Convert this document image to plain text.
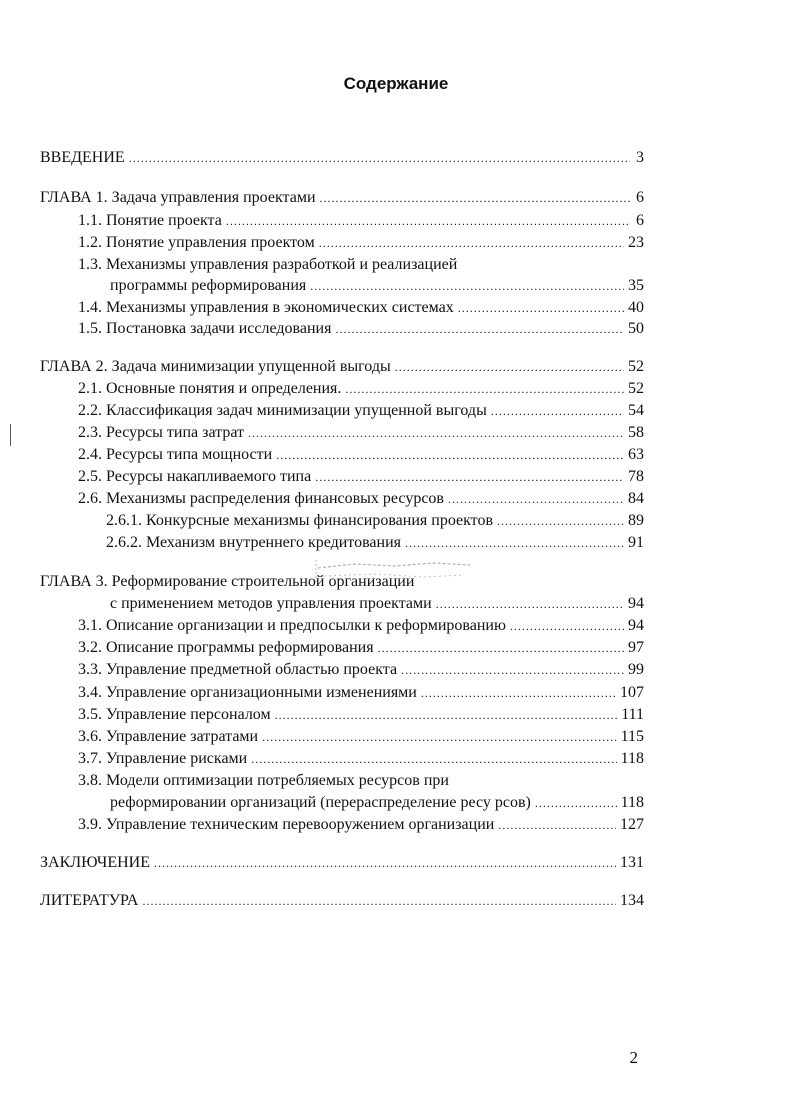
Содержание
ВВЕДЕНИЕ .....	3
ГЛАВА 1. Задача управления проектами .....	6
1.1. Понятие проекта .....	6
1.2. Понятие управления проектом .....	23
1.3. Механизмы управления разработкой и реализацией
программы реформирования .....	35
1.4. Механизмы управления в экономических системах .....	40
1.5. Постановка задачи исследования .....	50
ГЛАВА 2. Задача минимизации упущенной выгоды .....	52
2.1. Основные понятия и определения. .....	52
2.2. Классификация задач минимизации упущенной выгоды .....	54
2.3. Ресурсы типа затрат .....	58
2.4. Ресурсы типа мощности .....	63
2.5. Ресурсы накапливаемого типа .....	78
2.6. Механизмы распределения финансовых ресурсов .....	84
2.6.1. Конкурсные механизмы финансирования проектов .....	89
2.6.2. Механизм внутреннего кредитования .....	91
ГЛАВА 3. Реформирование строительной организации
с применением методов управления проектами .....	94
3.1. Описание организации и предпосылки к реформированию .....	94
3.2. Описание программы реформирования .....	97
3.3. Управление предметной областью проекта .....	99
3.4. Управление организационными изменениями .....	107
3.5. Управление персоналом .....	111
3.6. Управление затратами .....	115
3.7. Управление рисками .....	118
3.8. Модели оптимизации потребляемых ресурсов при
реформировании организаций (перераспределение ресу рсов) .....	118
3.9. Управление техническим перевооружением организации .....	127
ЗАКЛЮЧЕНИЕ .....	131
ЛИТЕРАТУРА .....	134
2
